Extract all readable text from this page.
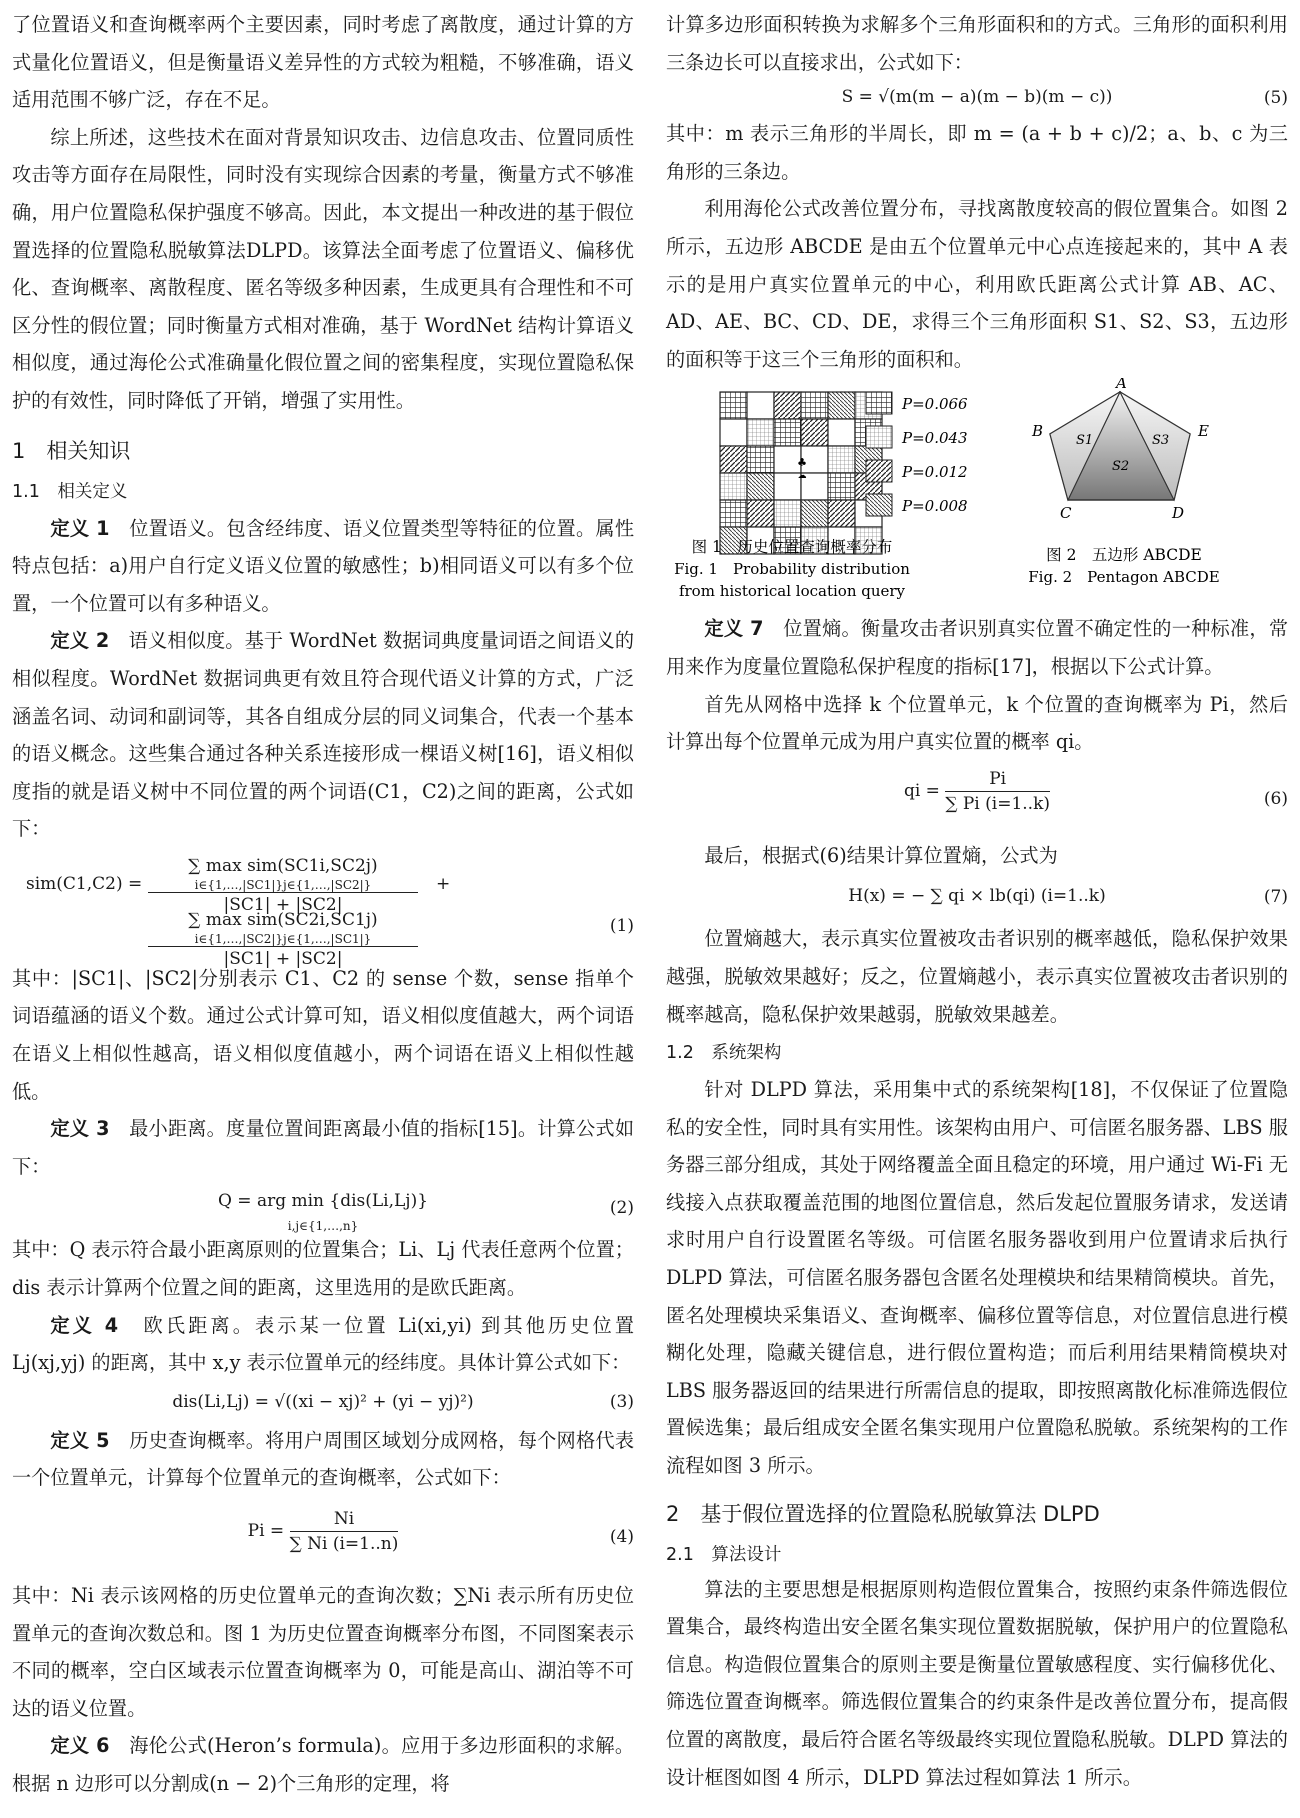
了位置语义和查询概率两个主要因素，同时考虑了离散度，通过计算的方式量化位置语义，但是衡量语义差异性的方式较为粗糙，不够准确，语义适用范围不够广泛，存在不足。

综上所述，这些技术在面对背景知识攻击、边信息攻击、位置同质性攻击等方面存在局限性，同时没有实现综合因素的考量，衡量方式不够准确，用户位置隐私保护强度不够高。因此，本文提出一种改进的基于假位置选择的位置隐私脱敏算法DLPD。该算法全面考虑了位置语义、偏移优化、查询概率、离散程度、匿名等级多种因素，生成更具有合理性和不可区分性的假位置；同时衡量方式相对准确，基于 WordNet 结构计算语义相似度，通过海伦公式准确量化假位置之间的密集程度，实现位置隐私保护的有效性，同时降低了开销，增强了实用性。

1　相关知识
1.1　相关定义

定义 1　 位置语义。包含经纬度、语义位置类型等特征的位置。属性特点包括：a)用户自行定义语义位置的敏感性；b)相同语义可以有多个位置，一个位置可以有多种语义。

定义 2　 语义相似度。基于 WordNet 数据词典度量词语之间语义的相似程度。WordNet 数据词典更有效且符合现代语义计算的方式，广泛涵盖名词、动词和副词等，其各自组成分层的同义词集合，代表一个基本的语义概念。这些集合通过各种关系连接形成一棵语义树[16]，语义相似度指的就是语义树中不同位置的两个词语(C1，C2)之间的距离，公式如下：

sim(C1,C2) =
∑ max sim(SC1i,SC2j)
i∈{1,…,|SC1|}j∈{1,…,|SC2|}
|SC1| + |SC2|
+
∑ max sim(SC2i,SC1j)
i∈{1,…,|SC2|}j∈{1,…,|SC1|}
|SC1| + |SC2|
(1)

其中：|SC1|、|SC2|分别表示 C1、C2 的 sense 个数，sense 指单个词语蕴涵的语义个数。通过公式计算可知，语义相似度值越大，两个词语在语义上相似性越高，语义相似度值越小，两个词语在语义上相似性越低。

定义 3　 最小距离。度量位置间距离最小值的指标[15]。计算公式如下：

Q = arg min {dis(Li,Lj)}
i,j∈{1,…,n}
(2)

其中：Q 表示符合最小距离原则的位置集合；Li、Lj 代表任意两个位置；dis 表示计算两个位置之间的距离，这里选用的是欧氏距离。

定义 4　 欧氏距离。表示某一位置 Li(xi,yi) 到其他历史位置 Lj(xj,yj) 的距离，其中 x,y 表示位置单元的经纬度。具体计算公式如下：

dis(Li,Lj) = √((xi − xj)² + (yi − yj)²)	(3)

定义 5　 历史查询概率。将用户周围区域划分成网格，每个网格代表一个位置单元，计算每个位置单元的查询概率，公式如下：

$Pi = \frac{Ni}{\sum Ni (i=1..n)}$	(4)

其中：Ni 表示该网格的历史位置单元的查询次数；∑Ni 表示所有历史位置单元的查询次数总和。图 1 为历史位置查询概率分布图，不同图案表示不同的概率，空白区域表示位置查询概率为 0，可能是高山、湖泊等不可达的语义位置。

定义 6　 海伦公式(Heron’s formula)。应用于多边形面积的求解。根据 n 边形可以分割成(n − 2)个三角形的定理，将

计算多边形面积转换为求解多个三角形面积和的方式。三角形的面积利用三条边长可以直接求出，公式如下：

S = √(m(m − a)(m − b)(m − c))	(5)

其中：m 表示三角形的半周长，即 m = (a + b + c)/2；a、b、c 为三角形的三条边。

利用海伦公式改善位置分布，寻找离散度较高的假位置集合。如图 2 所示，五边形 ABCDE 是由五个位置单元中心点连接起来的，其中 A 表示的是用户真实位置单元的中心，利用欧氏距离公式计算 AB、AC、AD、AE、BC、CD、DE，求得三个三角形面积 S1、S2、S3，五边形的面积等于这三个三角形的面积和。

♣
☁
P=0.066
P=0.043
P=0.012
P=0.008
A
B
C	D
E
S1
S2
S3
图 1　历史位置查询概率分布
Fig. 1　Probability distribution
from historical location query
图 2　五边形 ABCDE
Fig. 2　Pentagon ABCDE

定义 7　 位置熵。衡量攻击者识别真实位置不确定性的一种标准，常用来作为度量位置隐私保护程度的指标[17]，根据以下公式计算。

首先从网格中选择 k 个位置单元，k 个位置的查询概率为 Pi，然后计算出每个位置单元成为用户真实位置的概率 qi。

qi = $\frac{Pi}{\sum Pi (i=1..k)}$	(6)

最后，根据式(6)结果计算位置熵，公式为

H(x) = − ∑ qi × lb(qi) (i=1..k)	(7)

位置熵越大，表示真实位置被攻击者识别的概率越低，隐私保护效果越强，脱敏效果越好；反之，位置熵越小，表示真实位置被攻击者识别的概率越高，隐私保护效果越弱，脱敏效果越差。

1.2　系统架构

针对 DLPD 算法，采用集中式的系统架构[18]，不仅保证了位置隐私的安全性，同时具有实用性。该架构由用户、可信匿名服务器、LBS 服务器三部分组成，其处于网络覆盖全面且稳定的环境，用户通过 Wi-Fi 无线接入点获取覆盖范围的地图位置信息，然后发起位置服务请求，发送请求时用户自行设置匿名等级。可信匿名服务器收到用户位置请求后执行 DLPD 算法，可信匿名服务器包含匿名处理模块和结果精筒模块。首先，匿名处理模块采集语义、查询概率、偏移位置等信息，对位置信息进行模糊化处理，隐藏关键信息，进行假位置构造；而后利用结果精筒模块对 LBS 服务器返回的结果进行所需信息的提取，即按照离散化标准筛选假位置候选集；最后组成安全匿名集实现用户位置隐私脱敏。系统架构的工作流程如图 3 所示。

2　基于假位置选择的位置隐私脱敏算法 DLPD
2.1　算法设计

算法的主要思想是根据原则构造假位置集合，按照约束条件筛选假位置集合，最终构造出安全匿名集实现位置数据脱敏，保护用户的位置隐私信息。构造假位置集合的原则主要是衡量位置敏感程度、实行偏移优化、筛选位置查询概率。筛选假位置集合的约束条件是改善位置分布，提高假位置的离散度，最后符合匿名等级最终实现位置隐私脱敏。DLPD 算法的设计框图如图 4 所示，DLPD 算法过程如算法 1 所示。
